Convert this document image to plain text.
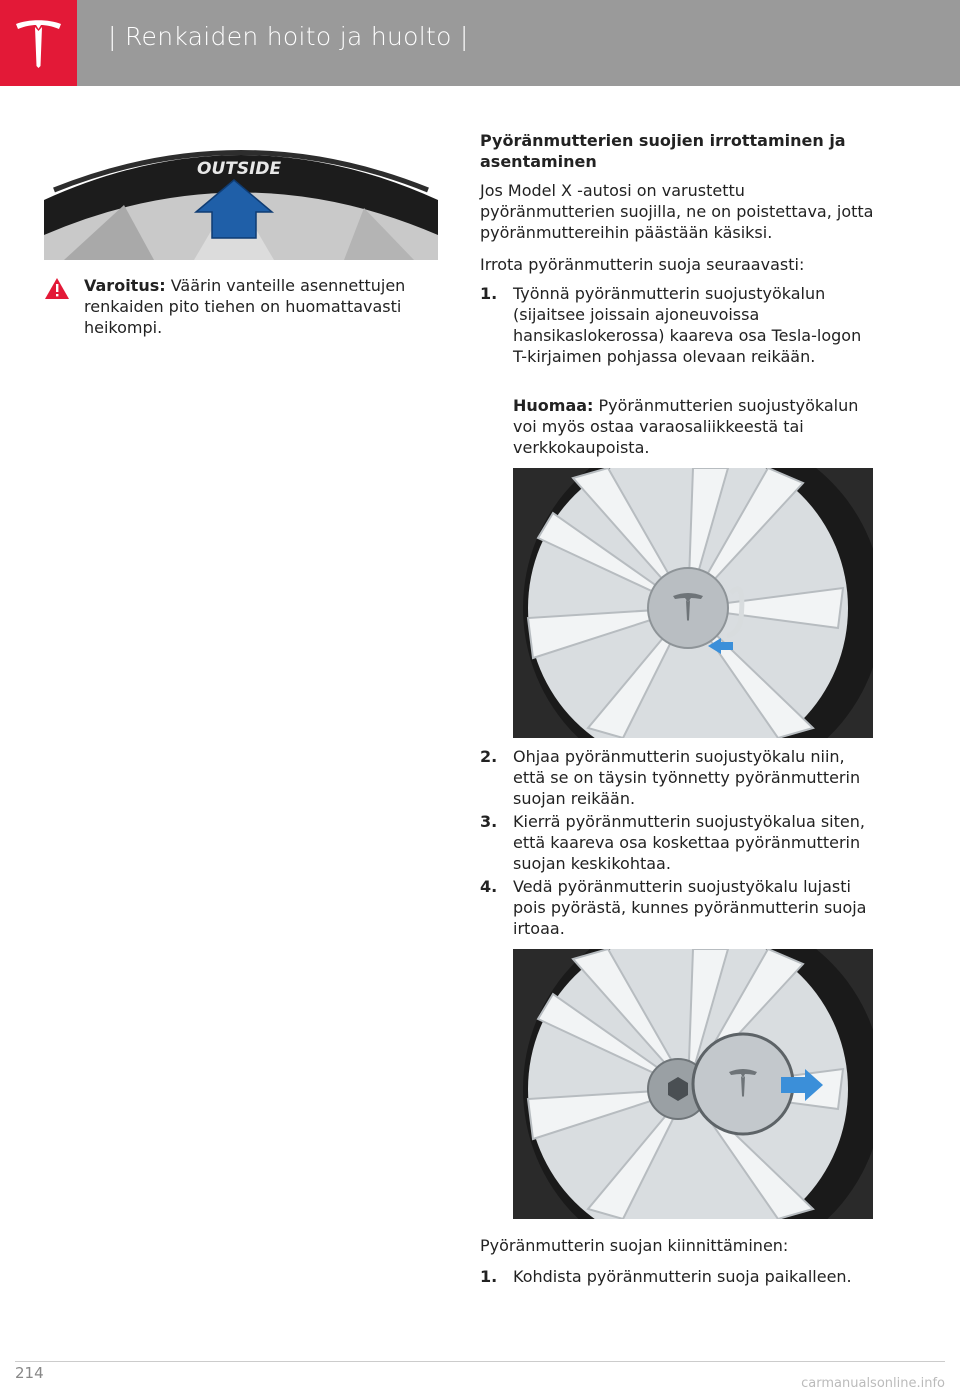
| Renkaiden hoito ja huolto |
OUTSIDE
Varoitus: Väärin vanteille asennettujen renkaiden pito tiehen on huomattavasti heikompi.
Pyöränmutterien suojien irrottaminen ja asentaminen
Jos Model X -autosi on varustettu pyöränmutterien suojilla, ne on poistettava, jotta pyöränmuttereihin päästään käsiksi.
Irrota pyöränmutterin suoja seuraavasti:
1. Työnnä pyöränmutterin suojustyökalun (sijaitsee joissain ajoneuvoissa hansikaslokerossa) kaareva osa Tesla-logon T-kirjaimen pohjassa olevaan reikään.
Huomaa: Pyöränmutterien suojustyökalun voi myös ostaa varaosaliikkeestä tai verkkokaupoista.
2. Ohjaa pyöränmutterin suojustyökalu niin, että se on täysin työnnetty pyöränmutterin suojan reikään.
3. Kierrä pyöränmutterin suojustyökalua siten, että kaareva osa koskettaa pyöränmutterin suojan keskikohtaa.
4. Vedä pyöränmutterin suojustyökalu lujasti pois pyörästä, kunnes pyöränmutterin suoja irtoaa.
Pyöränmutterin suojan kiinnittäminen:
1. Kohdista pyöränmutterin suoja paikalleen.
214
carmanualsonline.info
